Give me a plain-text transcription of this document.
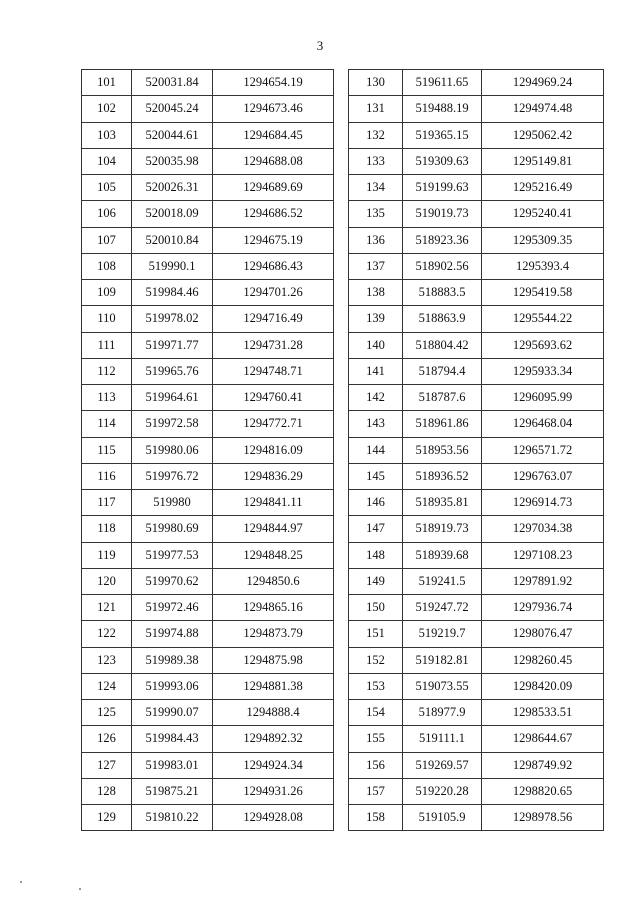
3
101	520031.84	1294654.19
102	520045.24	1294673.46
103	520044.61	1294684.45
104	520035.98	1294688.08
105	520026.31	1294689.69
106	520018.09	1294686.52
107	520010.84	1294675.19
108	519990.1	1294686.43
109	519984.46	1294701.26
110	519978.02	1294716.49
111	519971.77	1294731.28
112	519965.76	1294748.71
113	519964.61	1294760.41
114	519972.58	1294772.71
115	519980.06	1294816.09
116	519976.72	1294836.29
117	519980	1294841.11
118	519980.69	1294844.97
119	519977.53	1294848.25
120	519970.62	1294850.6
121	519972.46	1294865.16
122	519974.88	1294873.79
123	519989.38	1294875.98
124	519993.06	1294881.38
125	519990.07	1294888.4
126	519984.43	1294892.32
127	519983.01	1294924.34
128	519875.21	1294931.26
129	519810.22	1294928.08
130	519611.65	1294969.24
131	519488.19	1294974.48
132	519365.15	1295062.42
133	519309.63	1295149.81
134	519199.63	1295216.49
135	519019.73	1295240.41
136	518923.36	1295309.35
137	518902.56	1295393.4
138	518883.5	1295419.58
139	518863.9	1295544.22
140	518804.42	1295693.62
141	518794.4	1295933.34
142	518787.6	1296095.99
143	518961.86	1296468.04
144	518953.56	1296571.72
145	518936.52	1296763.07
146	518935.81	1296914.73
147	518919.73	1297034.38
148	518939.68	1297108.23
149	519241.5	1297891.92
150	519247.72	1297936.74
151	519219.7	1298076.47
152	519182.81	1298260.45
153	519073.55	1298420.09
154	518977.9	1298533.51
155	519111.1	1298644.67
156	519269.57	1298749.92
157	519220.28	1298820.65
158	519105.9	1298978.56
